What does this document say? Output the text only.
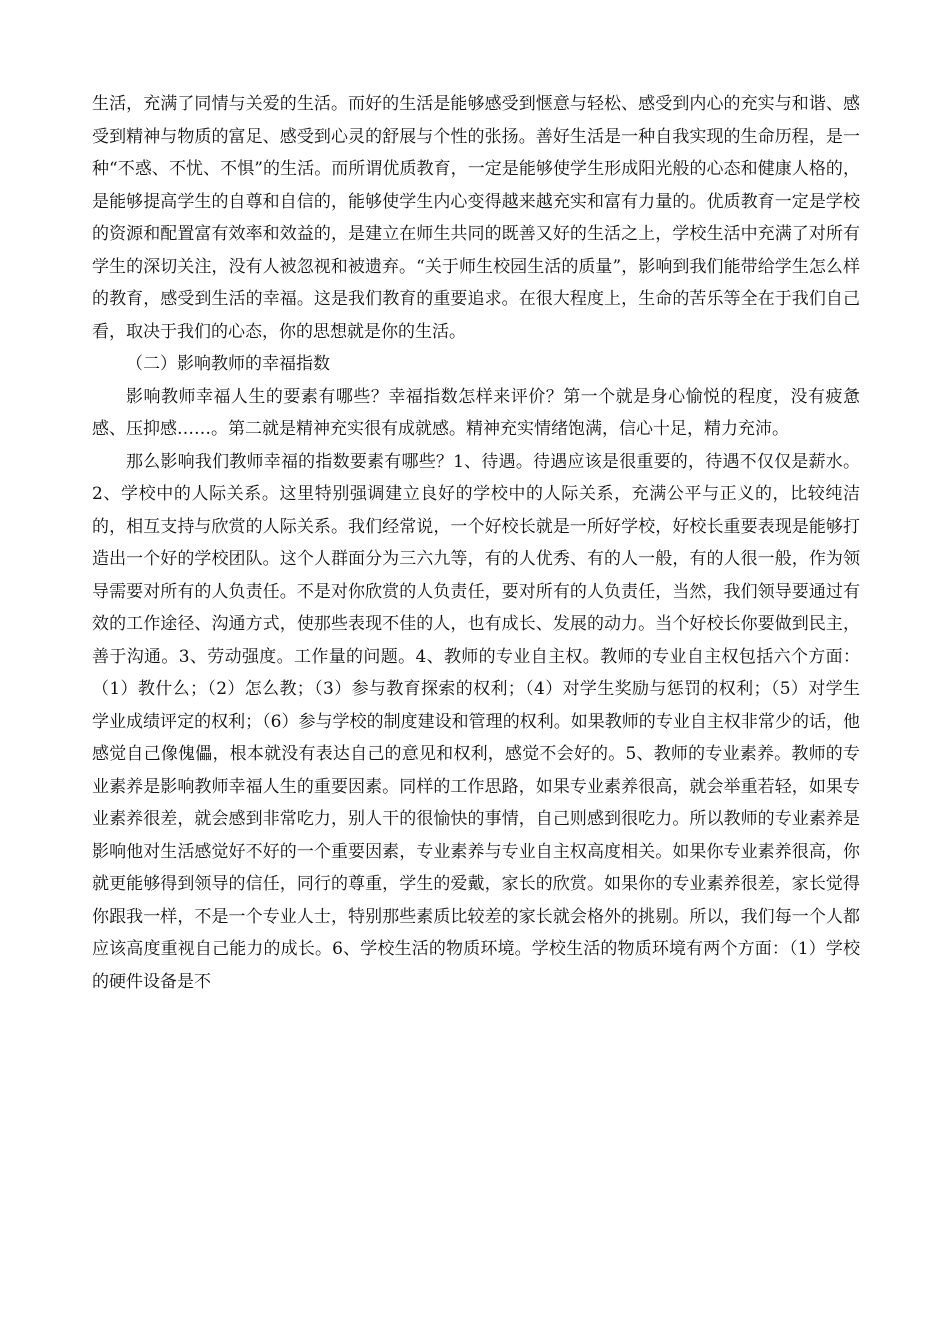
生活，充满了同情与关爱的生活。而好的生活是能够感受到惬意与轻松、感受到内心的充实与和谐、感受到精神与物质的富足、感受到心灵的舒展与个性的张扬。善好生活是一种自我实现的生命历程，是一种“不惑、不忧、不惧”的生活。而所谓优质教育，一定是能够使学生形成阳光般的心态和健康人格的，是能够提高学生的自尊和自信的，能够使学生内心变得越来越充实和富有力量的。优质教育一定是学校的资源和配置富有效率和效益的，是建立在师生共同的既善又好的生活之上，学校生活中充满了对所有学生的深切关注，没有人被忽视和被遗弃。“关于师生校园生活的质量”，影响到我们能带给学生怎么样的教育，感受到生活的幸福。这是我们教育的重要追求。在很大程度上，生命的苦乐等全在于我们自己看，取决于我们的心态，你的思想就是你的生活。

（二）影响教师的幸福指数

影响教师幸福人生的要素有哪些？幸福指数怎样来评价？第一个就是身心愉悦的程度，没有疲惫感、压抑感……。第二就是精神充实很有成就感。精神充实情绪饱满，信心十足，精力充沛。

那么影响我们教师幸福的指数要素有哪些？1、待遇。待遇应该是很重要的，待遇不仅仅是薪水。2、学校中的人际关系。这里特别强调建立良好的学校中的人际关系，充满公平与正义的，比较纯洁的，相互支持与欣赏的人际关系。我们经常说，一个好校长就是一所好学校，好校长重要表现是能够打造出一个好的学校团队。这个人群面分为三六九等，有的人优秀、有的人一般，有的人很一般，作为领导需要对所有的人负责任。不是对你欣赏的人负责任，要对所有的人负责任，当然，我们领导要通过有效的工作途径、沟通方式，使那些表现不佳的人，也有成长、发展的动力。当个好校长你要做到民主，善于沟通。3、劳动强度。工作量的问题。4、教师的专业自主权。教师的专业自主权包括六个方面：（1）教什么；（2）怎么教；（3）参与教育探索的权利；（4）对学生奖励与惩罚的权利；（5）对学生学业成绩评定的权利；（6）参与学校的制度建设和管理的权利。如果教师的专业自主权非常少的话，他感觉自己像傀儡，根本就没有表达自己的意见和权利，感觉不会好的。5、教师的专业素养。教师的专业素养是影响教师幸福人生的重要因素。同样的工作思路，如果专业素养很高，就会举重若轻，如果专业素养很差，就会感到非常吃力，别人干的很愉快的事情，自己则感到很吃力。所以教师的专业素养是影响他对生活感觉好不好的一个重要因素，专业素养与专业自主权高度相关。如果你专业素养很高，你就更能够得到领导的信任，同行的尊重，学生的爱戴，家长的欣赏。如果你的专业素养很差，家长觉得你跟我一样，不是一个专业人士，特别那些素质比较差的家长就会格外的挑剔。所以，我们每一个人都应该高度重视自己能力的成长。6、学校生活的物质环境。学校生活的物质环境有两个方面：（1）学校的硬件设备是不
